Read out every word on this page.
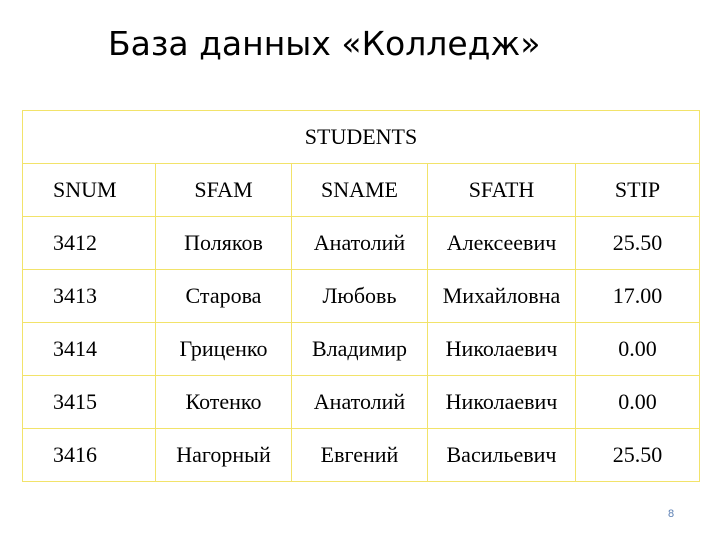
База данных «Колледж»
STUDENTS				
SNUM	SFAM	SNAME	SFATH	STIP
3412	Поляков	Анатолий	Алексеевич	25.50
3413	Старова	Любовь	Михайловна	17.00
3414	Гриценко	Владимир	Николаевич	0.00
3415	Котенко	Анатолий	Николаевич	0.00
3416	Нагорный	Евгений	Васильевич	25.50
8
